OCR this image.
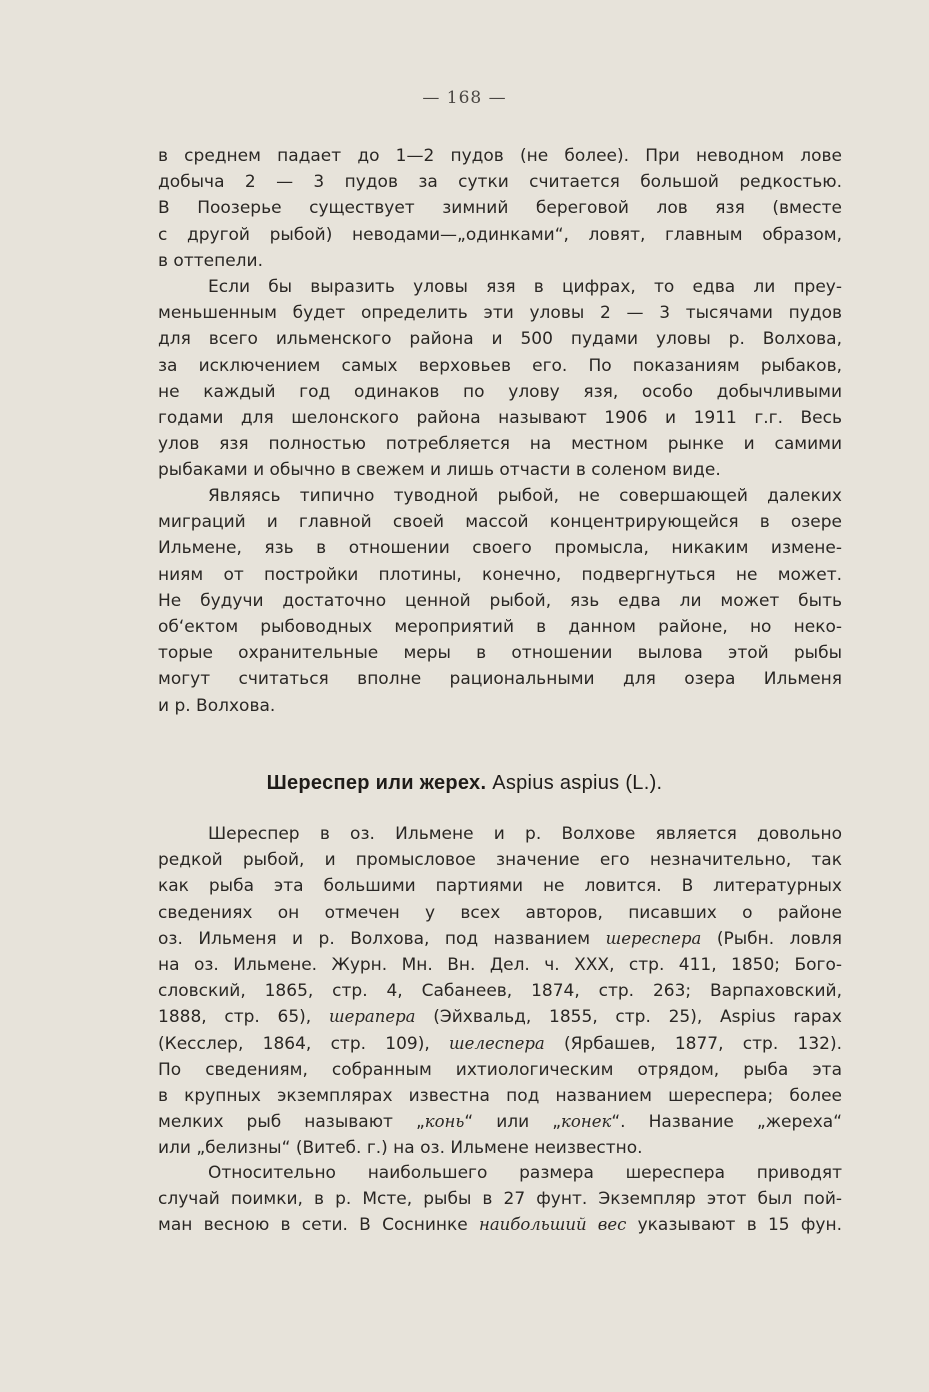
— 168 —
в среднем падает до 1—2 пудов (не более). При неводном лове
добыча 2 — 3 пудов за сутки считается большой редкостью.
В Поозерье существует зимний береговой лов язя (вместе
с другой рыбой) неводами—„одинками“, ловят, главным образом,
в оттепели.
Если бы выразить уловы язя в цифрах, то едва ли преу-
меньшенным будет определить эти уловы 2 — 3 тысячами пудов
для всего ильменского района и 500 пудами уловы р. Волхова,
за исключением самых верховьев его. По показаниям рыбаков,
не каждый год одинаков по улову язя, особо добычливыми
годами для шелонского района называют 1906 и 1911 г.г. Весь
улов язя полностью потребляется на местном рынке и самими
рыбаками и обычно в свежем и лишь отчасти в соленом виде.
Являясь типично туводной рыбой, не совершающей далеких
миграций и главной своей массой концентрирующейся в озере
Ильмене, язь в отношении своего промысла, никаким измене-
ниям от постройки плотины, конечно, подвергнуться не может.
Не будучи достаточно ценной рыбой, язь едва ли может быть
об‘ектом рыбоводных мероприятий в данном районе, но неко-
торые охранительные меры в отношении вылова этой рыбы
могут считаться вполне рациональными для озера Ильменя
и р. Волхова.
Шереспер или жерех. Aspius aspius (L.).
Шереспер в оз. Ильмене и р. Волхове является довольно
редкой рыбой, и промысловое значение его незначительно, так
как рыба эта большими партиями не ловится. В литературных
сведениях он отмечен у всех авторов, писавших о районе
оз. Ильменя и р. Волхова, под названием шереспера (Рыбн. ловля
на оз. Ильмене. Журн. Мн. Вн. Дел. ч. XXX, стр. 411, 1850; Бого-
словский, 1865, стр. 4, Сабанеев, 1874, стр. 263; Варпаховский,
1888, стр. 65), шерапера (Эйхвальд, 1855, стр. 25), Aspius rapax
(Кесслер, 1864, стр. 109), шелеспера (Ярбашев, 1877, стр. 132).
По сведениям, собранным ихтиологическим отрядом, рыба эта
в крупных экземплярах известна под названием шереспера; более
мелких рыб называют „конь“ или „конек“. Название „жереха“
или „белизны“ (Витеб. г.) на оз. Ильмене неизвестно.
Относительно наибольшего размера шереспера приводят
случай поимки, в р. Мсте, рыбы в 27 фунт. Экземпляр этот был пой-
ман весною в сети. В Соснинке наибольший вес указывают в 15 фун.
